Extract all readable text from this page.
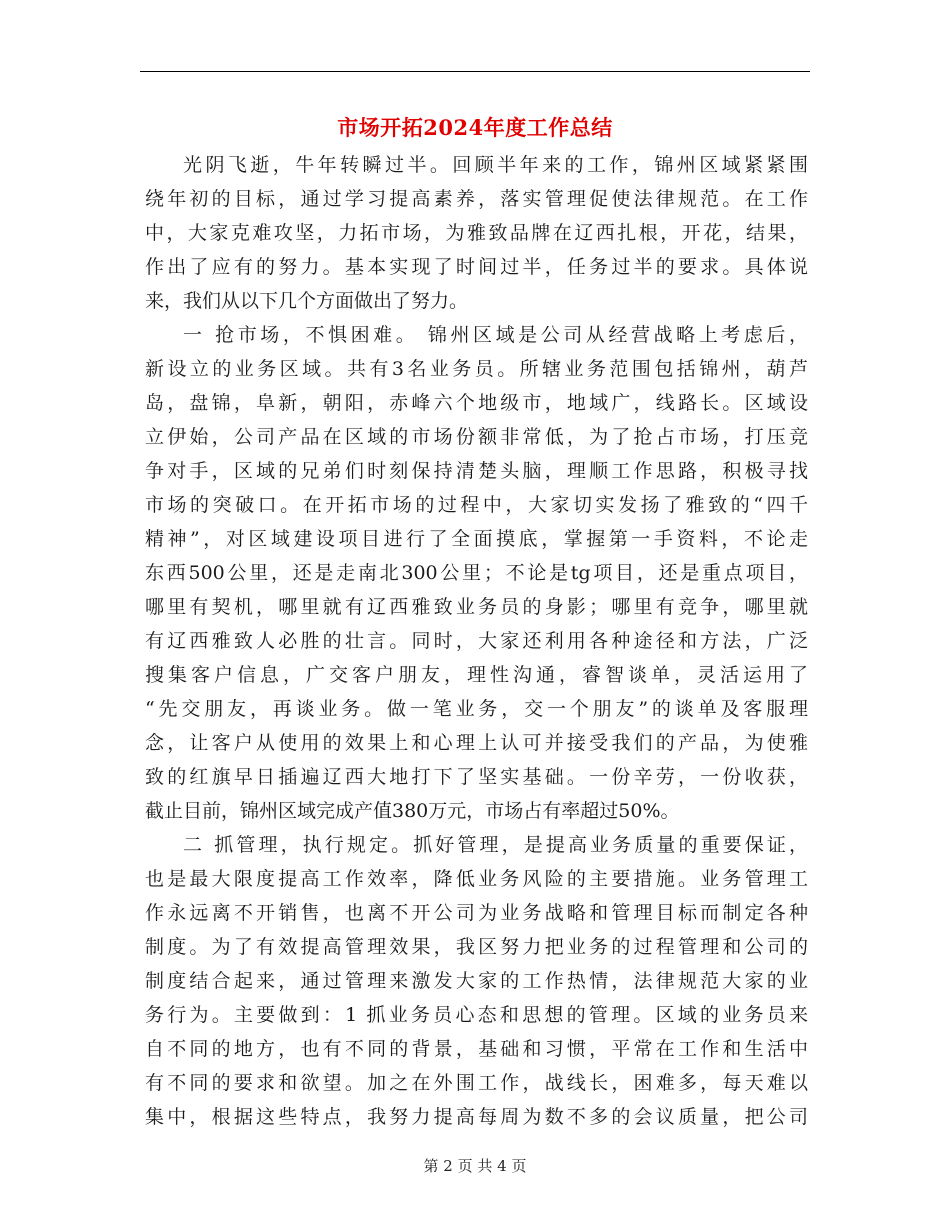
市场开拓2024年度工作总结
光阴飞逝，牛年转瞬过半。回顾半年来的工作，锦州区域紧紧围
绕年初的目标，通过学习提高素养，落实管理促使法律规范。在工作
中，大家克难攻坚，力拓市场，为雅致品牌在辽西扎根，开花，结果，
作出了应有的努力。基本实现了时间过半，任务过半的要求。具体说
来，我们从以下几个方面做出了努力。
一 抢市场，不惧困难。 锦州区域是公司从经营战略上考虑后，
新设立的业务区域。共有3名业务员。所辖业务范围包括锦州，葫芦
岛，盘锦，阜新，朝阳，赤峰六个地级市，地域广，线路长。区域设
立伊始，公司产品在区域的市场份额非常低，为了抢占市场，打压竞
争对手，区域的兄弟们时刻保持清楚头脑，理顺工作思路，积极寻找
市场的突破口。在开拓市场的过程中，大家切实发扬了雅致的“四千
精神”，对区域建设项目进行了全面摸底，掌握第一手资料，不论走
东西500公里，还是走南北300公里；不论是tg项目，还是重点项目，
哪里有契机，哪里就有辽西雅致业务员的身影；哪里有竞争，哪里就
有辽西雅致人必胜的壮言。同时，大家还利用各种途径和方法，广泛
搜集客户信息，广交客户朋友，理性沟通，睿智谈单，灵活运用了
“先交朋友，再谈业务。做一笔业务，交一个朋友”的谈单及客服理
念，让客户从使用的效果上和心理上认可并接受我们的产品，为使雅
致的红旗早日插遍辽西大地打下了坚实基础。一份辛劳，一份收获，
截止目前，锦州区域完成产值380万元，市场占有率超过50%。
二 抓管理，执行规定。抓好管理，是提高业务质量的重要保证，
也是最大限度提高工作效率，降低业务风险的主要措施。业务管理工
作永远离不开销售，也离不开公司为业务战略和管理目标而制定各种
制度。为了有效提高管理效果，我区努力把业务的过程管理和公司的
制度结合起来，通过管理来激发大家的工作热情，法律规范大家的业
务行为。主要做到：1 抓业务员心态和思想的管理。区域的业务员来
自不同的地方，也有不同的背景，基础和习惯，平常在工作和生活中
有不同的要求和欲望。加之在外围工作，战线长，困难多，每天难以
集中，根据这些特点，我努力提高每周为数不多的会议质量，把公司
第 2 页 共 4 页
